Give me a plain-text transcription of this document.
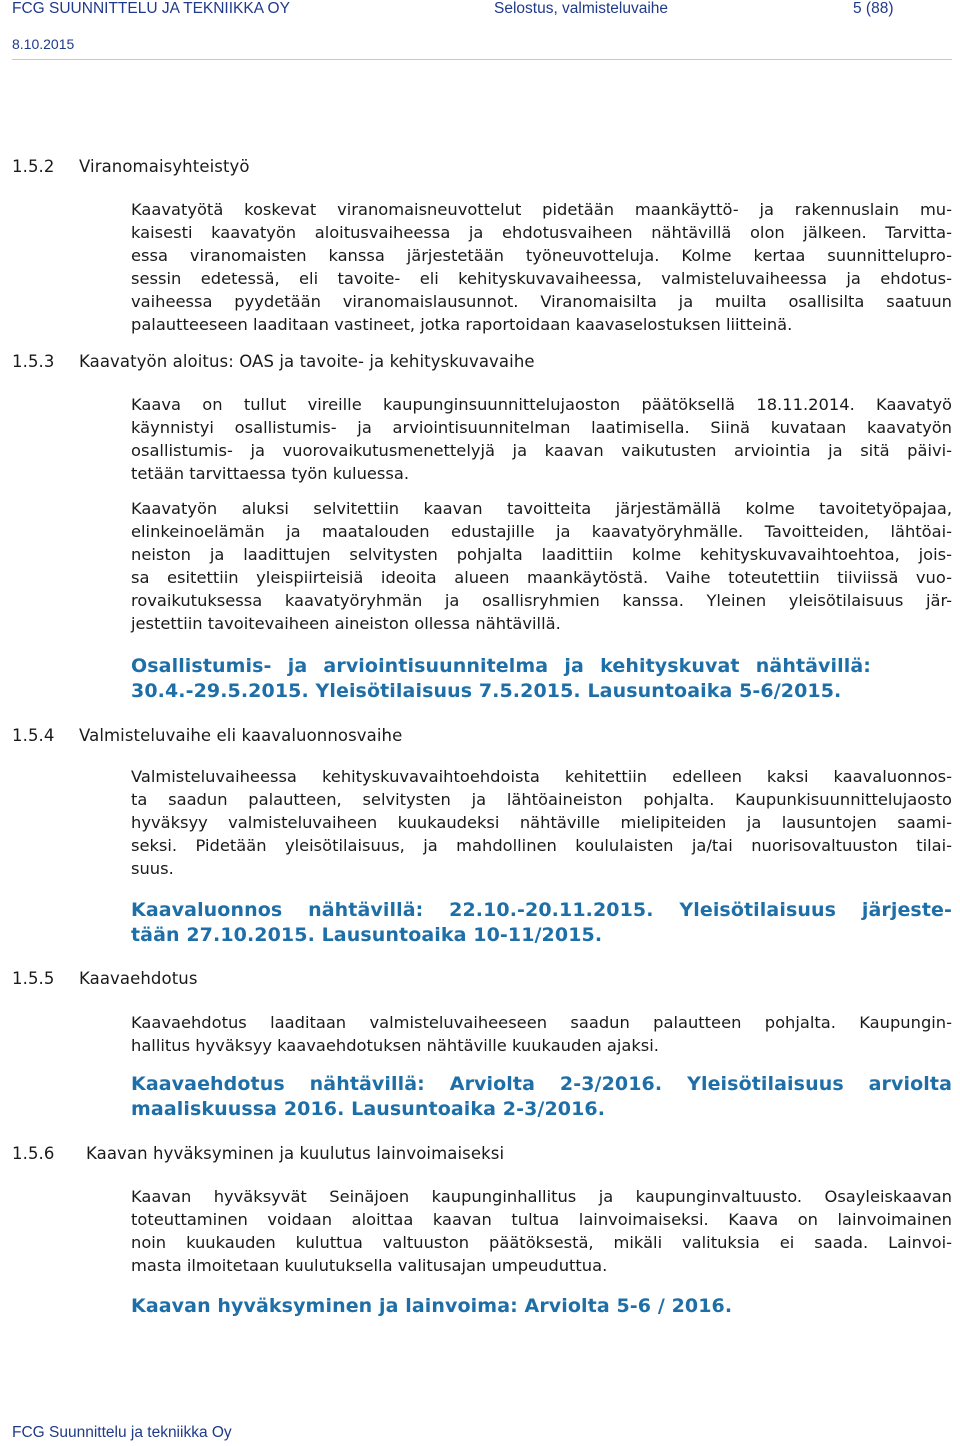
FCG SUUNNITTELU JA TEKNIIKKA OY	Selostus, valmisteluvaihe	5 (88)
8.10.2015
1.5.2 Viranomaisyhteistyö
Kaavatyötä koskevat viranomaisneuvottelut pidetään maankäyttö- ja rakennuslain mu-
kaisesti kaavatyön aloitusvaiheessa ja ehdotusvaiheen nähtävillä olon jälkeen. Tarvitta-
essa viranomaisten kanssa järjestetään työneuvotteluja. Kolme kertaa suunnittelupro-
sessin edetessä, eli tavoite- eli kehityskuvavaiheessa, valmisteluvaiheessa ja ehdotus-
vaiheessa pyydetään viranomaislausunnot. Viranomaisilta ja muilta osallisilta saatuun
palautteeseen laaditaan vastineet, jotka raportoidaan kaavaselostuksen liitteinä.
1.5.3 Kaavatyön aloitus: OAS ja tavoite- ja kehityskuvavaihe
Kaava on tullut vireille kaupunginsuunnittelujaoston päätöksellä 18.11.2014. Kaavatyö
käynnistyi osallistumis- ja arviointisuunnitelman laatimisella. Siinä kuvataan kaavatyön
osallistumis- ja vuorovaikutusmenettelyjä ja kaavan vaikutusten arviointia ja sitä päivi-
tetään tarvittaessa työn kuluessa.
Kaavatyön aluksi selvitettiin kaavan tavoitteita järjestämällä kolme tavoitetyöpajaa,
elinkeinoelämän ja maatalouden edustajille ja kaavatyöryhmälle. Tavoitteiden, lähtöai-
neiston ja laadittujen selvitysten pohjalta laadittiin kolme kehityskuvavaihtoehtoa, jois-
sa esitettiin yleispiirteisiä ideoita alueen maankäytöstä. Vaihe toteutettiin tiiviissä vuo-
rovaikutuksessa kaavatyöryhmän ja osallisryhmien kanssa. Yleinen yleisötilaisuus jär-
jestettiin tavoitevaiheen aineiston ollessa nähtävillä.
Osallistumis- ja arviointisuunnitelma ja kehityskuvat nähtävillä:
30.4.-29.5.2015. Yleisötilaisuus 7.5.2015. Lausuntoaika 5-6/2015.
1.5.4 Valmisteluvaihe eli kaavaluonnosvaihe
Valmisteluvaiheessa kehityskuvavaihtoehdoista kehitettiin edelleen kaksi kaavaluonnos-
ta saadun palautteen, selvitysten ja lähtöaineiston pohjalta. Kaupunkisuunnittelujaosto
hyväksyy valmisteluvaiheen kuukaudeksi nähtäville mielipiteiden ja lausuntojen saami-
seksi. Pidetään yleisötilaisuus, ja mahdollinen koululaisten ja/tai nuorisovaltuuston tilai-
suus.
Kaavaluonnos nähtävillä: 22.10.-20.11.2015. Yleisötilaisuus järjeste-
tään 27.10.2015. Lausuntoaika 10-11/2015.
1.5.5 Kaavaehdotus
Kaavaehdotus laaditaan valmisteluvaiheeseen saadun palautteen pohjalta. Kaupungin-
hallitus hyväksyy kaavaehdotuksen nähtäville kuukauden ajaksi.
Kaavaehdotus nähtävillä: Arviolta 2-3/2016. Yleisötilaisuus arviolta
maaliskuussa 2016. Lausuntoaika 2-3/2016.
1.5.6 Kaavan hyväksyminen ja kuulutus lainvoimaiseksi
Kaavan hyväksyvät Seinäjoen kaupunginhallitus ja kaupunginvaltuusto. Osayleiskaavan
toteuttaminen voidaan aloittaa kaavan tultua lainvoimaiseksi. Kaava on lainvoimainen
noin kuukauden kuluttua valtuuston päätöksestä, mikäli valituksia ei saada. Lainvoi-
masta ilmoitetaan kuulutuksella valitusajan umpeuduttua.
Kaavan hyväksyminen ja lainvoima: Arviolta 5-6 / 2016.
FCG Suunnittelu ja tekniikka Oy
